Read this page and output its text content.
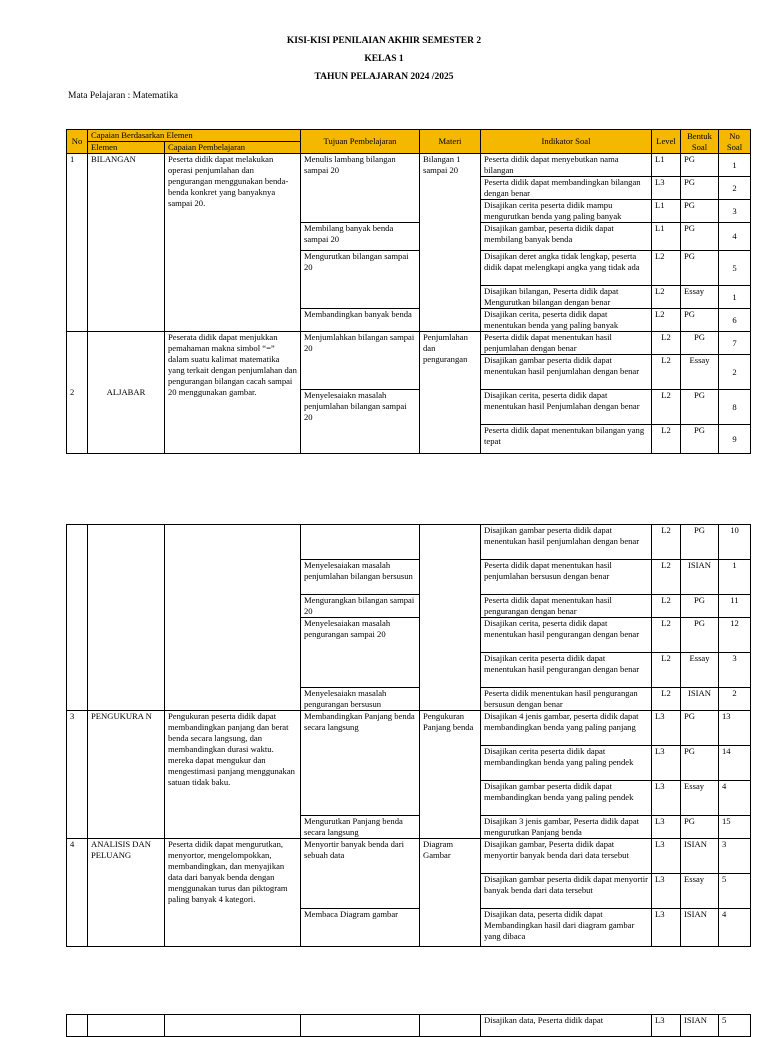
KISI-KISI PENILAIAN AKHIR SEMESTER 2
KELAS 1
TAHUN PELAJARAN 2024 /2025
Mata Pelajaran : Matematika
No	Capaian Berdasarkan Elemen		Tujuan Pembelajaran	Materi	Indikator Soal	Level	Bentuk Soal	No Soal
	Elemen	Capaian Pembelajaran						
1	BILANGAN	Peserta didik dapat melakukan operasi penjumlahan dan pengurangan menggunakan benda-benda konkret yang banyaknya sampai 20.	Menulis lambang bilangan sampai 20	Bilangan 1 sampai 20	Peserta didik dapat menyebutkan nama bilangan	L1	PG	1
					Peserta didik dapat membandingkan bilangan dengan benar	L3	PG	2
					Disajikan cerita peserta didik mampu mengurutkan benda yang paling banyak	L1	PG	3
			Membilang banyak benda sampai 20		Disajikan gambar, peserta didik dapat membilang banyak benda	L1	PG	4
			Mengurutkan bilangan sampai 20		Disajikan deret angka tidak lengkap, peserta didik dapat melengkapi angka yang tidak ada	L2	PG	5
					Disajikan bilangan, Peserta didik dapat Mengurutkan bilangan dengan benar	L2	Essay	1
			Membandingkan banyak benda		Disajikan cerita, peserta didik dapat menentukan benda yang paling banyak	L2	PG	6
2	ALJABAR	Peserata didik dapat menjukkan pemahaman makna simbol “=” dalam suatu kalimat matematika yang terkait dengan penjumlahan dan pengurangan bilangan cacah sampai 20 menggunakan gambar.	Menjumlahkan bilangan sampai 20	Penjumlahan dan pengurangan	Peserta didik dapat menentukan hasil penjumlahan dengan benar	L2	PG	7
					Disajikan gambar peserta didik dapat menentukan hasil penjumlahan dengan benar	L2	Essay	2
			Menyelesaiakn masalah penjumlahan bilangan sampai 20		Disajikan cerita, peserta didik dapat menentukan hasil Penjumlahan dengan benar	L2	PG	8
					Peserta didik dapat menentukan bilangan yang tepat	L2	PG	9
					Disajikan gambar peserta didik dapat menentukan hasil penjumlahan dengan benar	L2	PG	10
			Menyelesaiakan masalah penjumlahan bilangan bersusun		Peserta didik dapat menentukan hasil penjumlahan bersusun dengan benar	L2	ISIAN	1
			Mengurangkan bilangan sampai 20		Peserta didik dapat menentukan hasil pengurangan dengan benar	L2	PG	11
			Menyelesaiakan masalah pengurangan sampai 20		Disajikan cerita, peserta didik dapat menentukan hasil pengurangan dengan benar	L2	PG	12
					Disajikan cerita peserta didik dapat menentukan hasil pengurangan dengan benar	L2	Essay	3
			Menyelesaiakn masalah pengurangan bersusun		Peserta didik menentukan hasil pengurangan bersusun dengan benar	L2	ISIAN	2
3	PENGUKURA N	Pengukuran peserta didik dapat membandingkan panjang dan berat benda secara langsung, dan membandingkan durasi waktu. mereka dapat mengukur dan mengestimasi panjang menggunakan satuan tidak baku.	Membandingkan Panjang benda secara langsung	Pengukuran Panjang benda	Disajikan 4 jenis gambar, peserta didik dapat membandingkan benda yang paling panjang	L3	PG	13
					Disajikan cerita peserta didik dapat membandingkan benda yang paling pendek	L3	PG	14
					Disajikan gambar peserta didik dapat membandingkan benda yang paling pendek	L3	Essay	4
			Mengurutkan Panjang benda secara langsung		Disajikan 3 jenis gambar, Peserta didik dapat mengurutkan Panjang benda	L3	PG	15
4	ANALISIS DAN PELUANG	Peserta didik dapat mengurutkan, menyortor, mengelompokkan, membandingkan, dan menyajikan data dari banyak benda dengan menggunakan turus dan piktogram paling banyak 4 kategori.	Menyortir banyak benda dari sebuah data	Diagram Gambar	Disajikan gambar, Peserta didik dapat menyortir banyak benda dari data tersebut	L3	ISIAN	3
					Disajikan gambar peserta didik dapat menyortir banyak benda dari data tersebut	L3	Essay	5
			Membaca Diagram gambar		Disajikan data, peserta didik dapat Membandingkan hasil dari diagram gambar yang dibaca	L3	ISIAN	4
					Disajikan data, Peserta didik dapat	L3	ISIAN	5
